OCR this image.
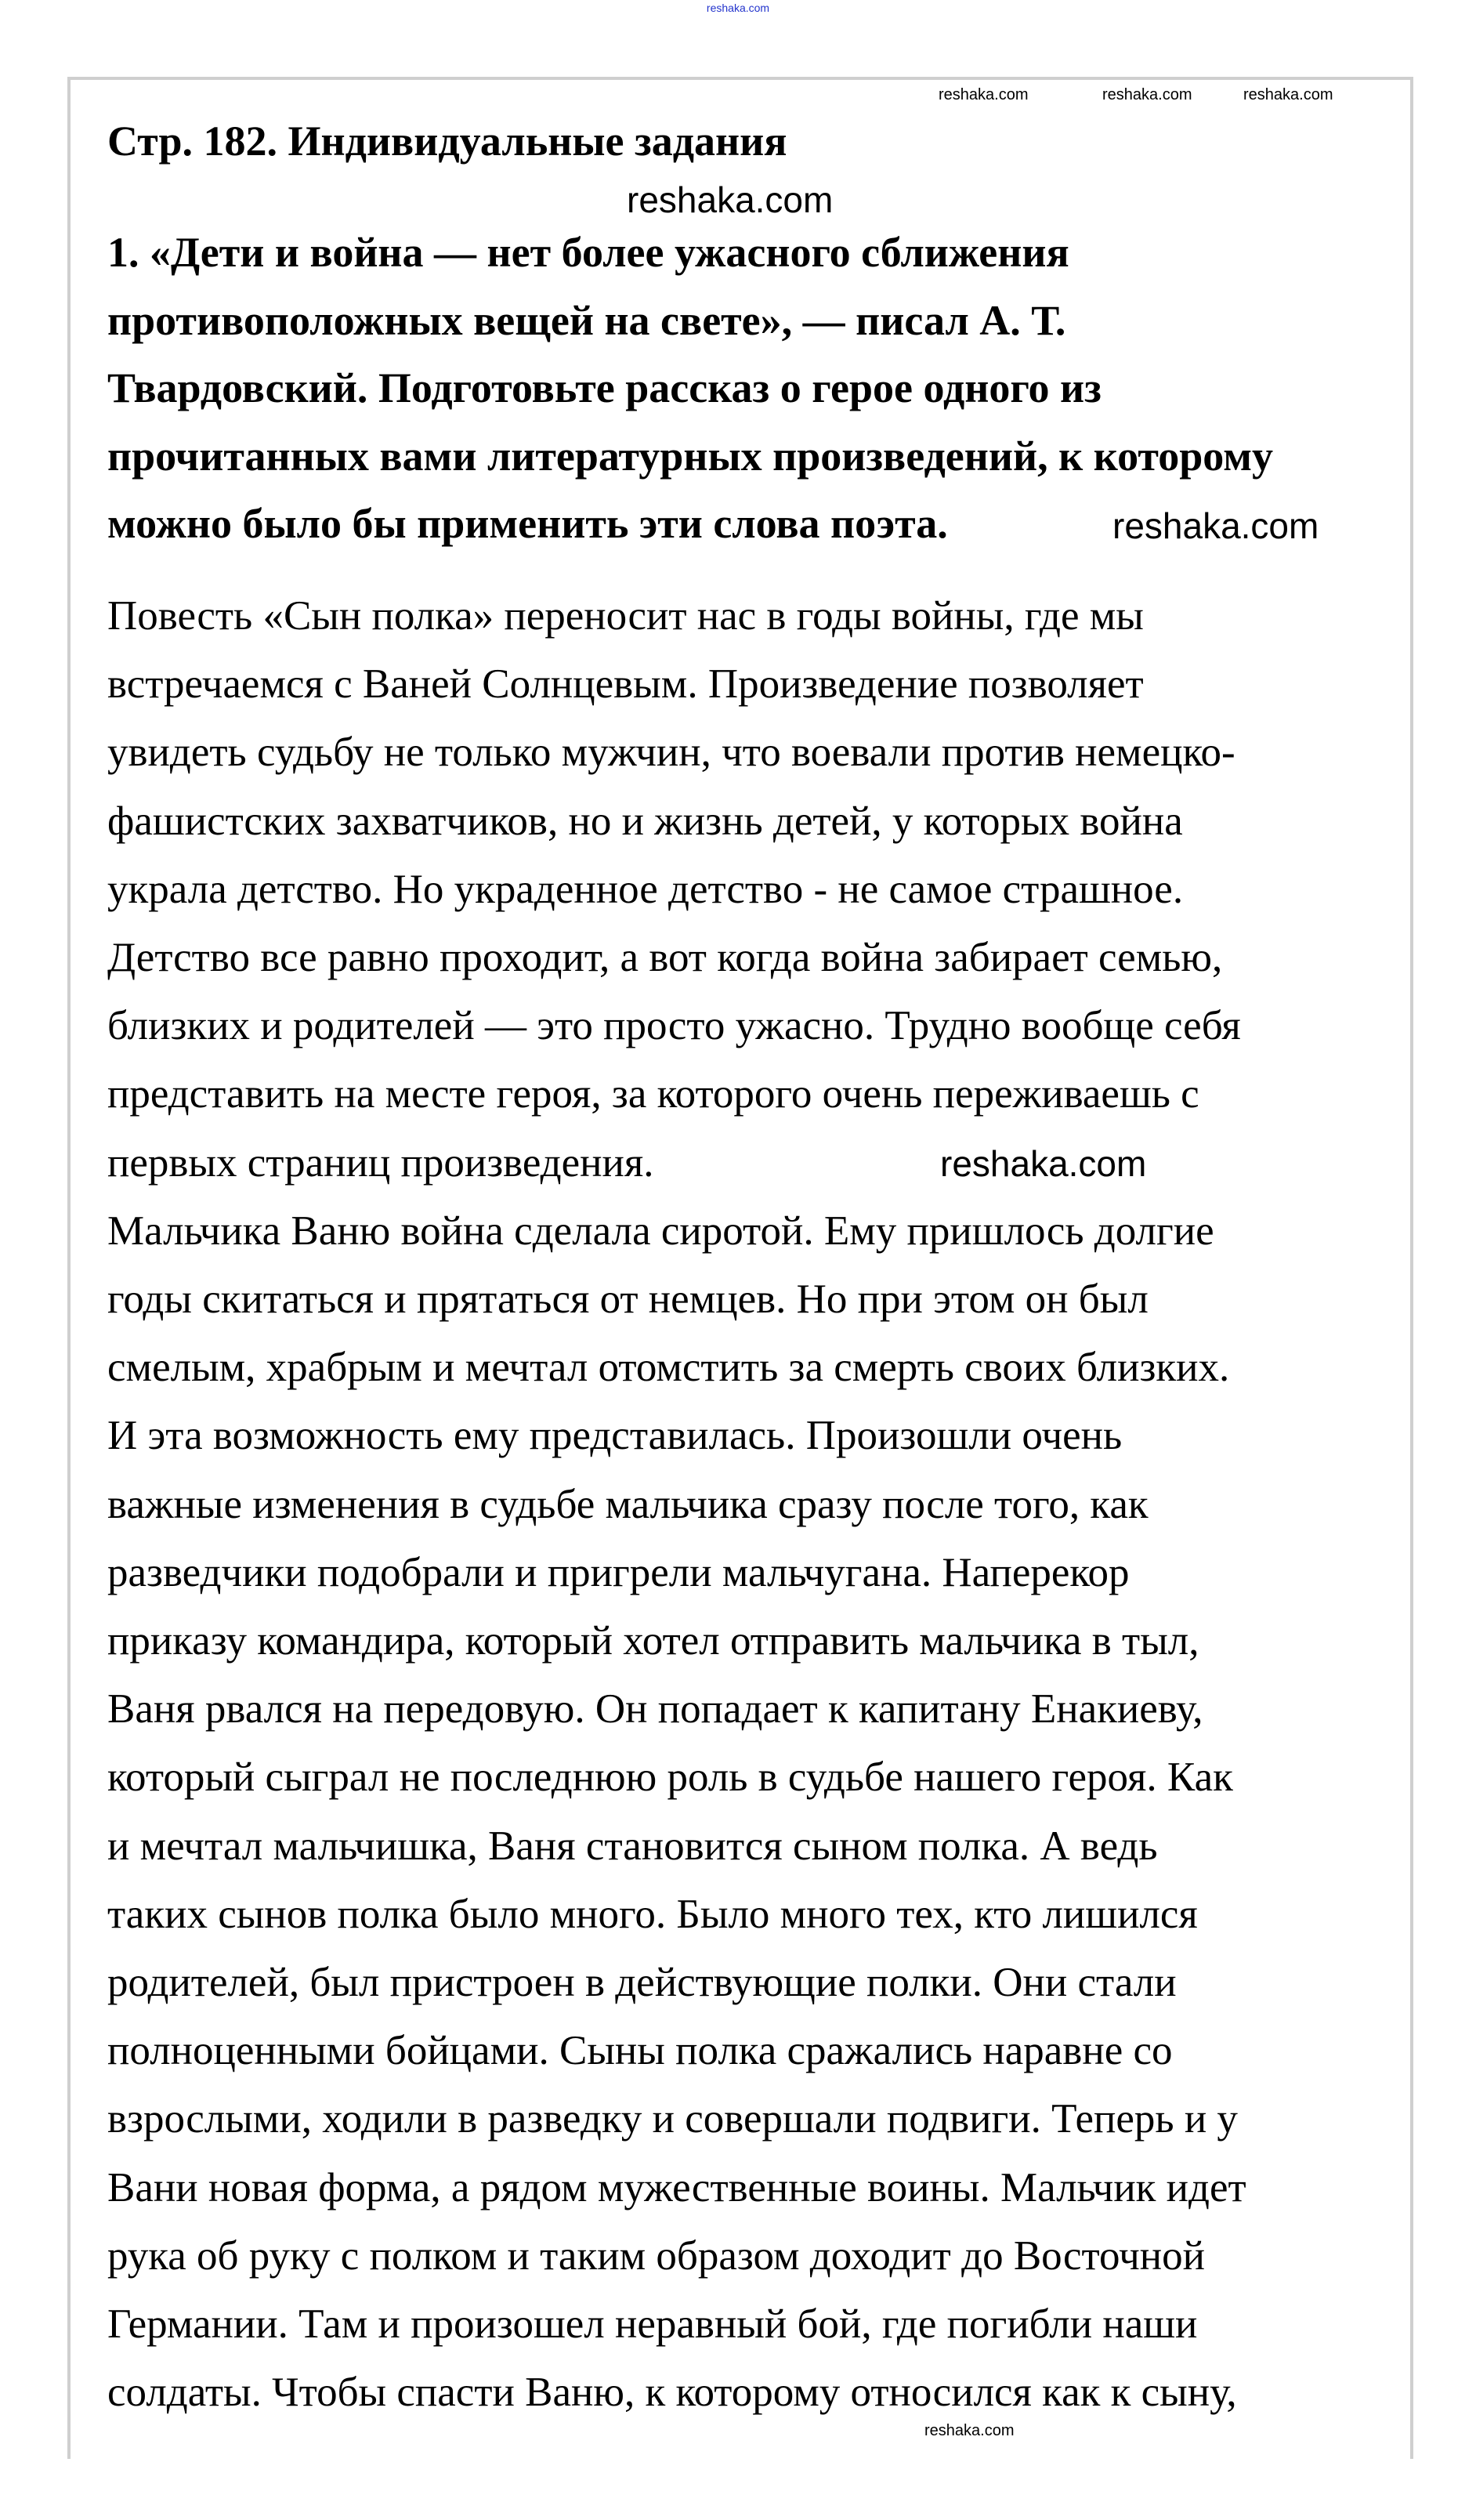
reshaka.com
Стр. 182. Индивидуальные задания
1. «Дети и война — нет более ужасного сближения
противоположных вещей на свете», — писал А. Т.
Твардовский. Подготовьте рассказ о герое одного из
прочитанных вами литературных произведений, к которому
можно было бы применить эти слова поэта.
Повесть «Сын полка» переносит нас в годы войны, где мы
встречаемся с Ваней Солнцевым. Произведение позволяет
увидеть судьбу не только мужчин, что воевали против немецко-
фашистских захватчиков, но и жизнь детей, у которых война
украла детство. Но украденное детство - не самое страшное.
Детство все равно проходит, а вот когда война забирает семью,
близких и родителей — это просто ужасно. Трудно вообще себя
представить на месте героя, за которого очень переживаешь с
первых страниц произведения.
Мальчика Ваню война сделала сиротой. Ему пришлось долгие
годы скитаться и прятаться от немцев. Но при этом он был
смелым, храбрым и мечтал отомстить за смерть своих близких.
И эта возможность ему представилась. Произошли очень
важные изменения в судьбе мальчика сразу после того, как
разведчики подобрали и пригрели мальчугана. Наперекор
приказу командира, который хотел отправить мальчика в тыл,
Ваня рвался на передовую. Он попадает к капитану Енакиеву,
который сыграл не последнюю роль в судьбе нашего героя. Как
и мечтал мальчишка, Ваня становится сыном полка. А ведь
таких сынов полка было много. Было много тех, кто лишился
родителей, был пристроен в действующие полки. Они стали
полноценными бойцами. Сыны полка сражались наравне со
взрослыми, ходили в разведку и совершали подвиги. Теперь и у
Вани новая форма, а рядом мужественные воины. Мальчик идет
рука об руку с полком и таким образом доходит до Восточной
Германии. Там и произошел неравный бой, где погибли наши
солдаты. Чтобы спасти Ваню, к которому относился как к сыну,
reshaka.com	reshaka.com	reshaka.com
reshaka.com
reshaka.com
reshaka.com
reshaka.com
